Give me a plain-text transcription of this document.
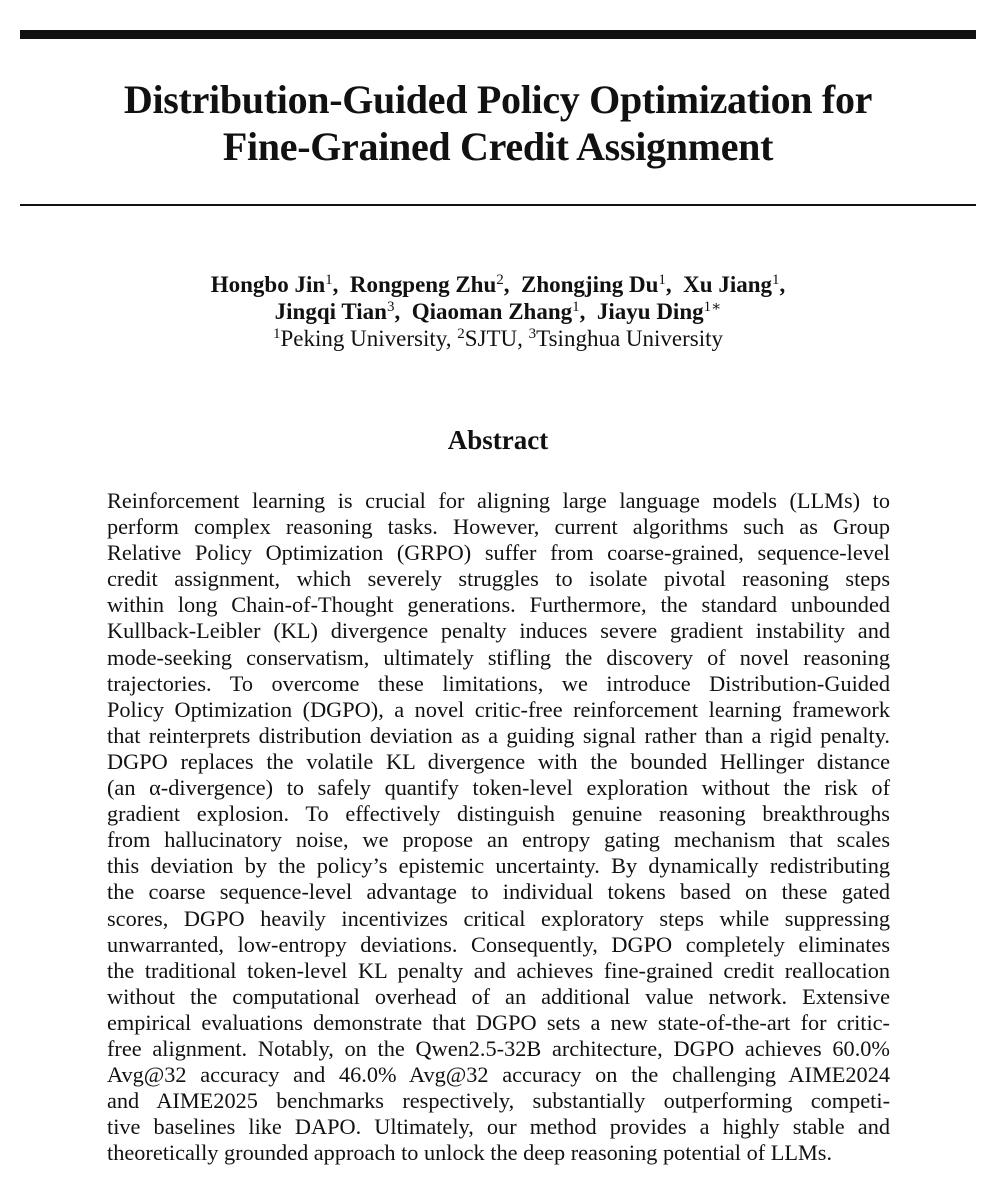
Distribution-Guided Policy Optimization for
Fine-Grained Credit Assignment
Hongbo Jin$^1$,  Rongpeng Zhu$^2$,  Zhongjing Du$^1$,  Xu Jiang$^1$,
Jingqi Tian$^3$,  Qiaoman Zhang$^1$,  Jiayu Ding$^{1∗}$
$^1$Peking University, $^2$SJTU, $^3$Tsinghua University
Abstract
Reinforcement learning is crucial for aligning large language models (LLMs) to
perform complex reasoning tasks. However, current algorithms such as Group
Relative Policy Optimization (GRPO) suffer from coarse-grained, sequence-level
credit assignment, which severely struggles to isolate pivotal reasoning steps
within long Chain-of-Thought generations. Furthermore, the standard unbounded
Kullback-Leibler (KL) divergence penalty induces severe gradient instability and
mode-seeking conservatism, ultimately stifling the discovery of novel reasoning
trajectories. To overcome these limitations, we introduce Distribution-Guided
Policy Optimization (DGPO), a novel critic-free reinforcement learning framework
that reinterprets distribution deviation as a guiding signal rather than a rigid penalty.
DGPO replaces the volatile KL divergence with the bounded Hellinger distance
(an α-divergence) to safely quantify token-level exploration without the risk of
gradient explosion. To effectively distinguish genuine reasoning breakthroughs
from hallucinatory noise, we propose an entropy gating mechanism that scales
this deviation by the policy’s epistemic uncertainty. By dynamically redistributing
the coarse sequence-level advantage to individual tokens based on these gated
scores, DGPO heavily incentivizes critical exploratory steps while suppressing
unwarranted, low-entropy deviations. Consequently, DGPO completely eliminates
the traditional token-level KL penalty and achieves fine-grained credit reallocation
without the computational overhead of an additional value network. Extensive
empirical evaluations demonstrate that DGPO sets a new state-of-the-art for critic-
free alignment. Notably, on the Qwen2.5-32B architecture, DGPO achieves 60.0%
Avg@32 accuracy and 46.0% Avg@32 accuracy on the challenging AIME2024
and AIME2025 benchmarks respectively, substantially outperforming competi-
tive baselines like DAPO. Ultimately, our method provides a highly stable and
theoretically grounded approach to unlock the deep reasoning potential of LLMs.
